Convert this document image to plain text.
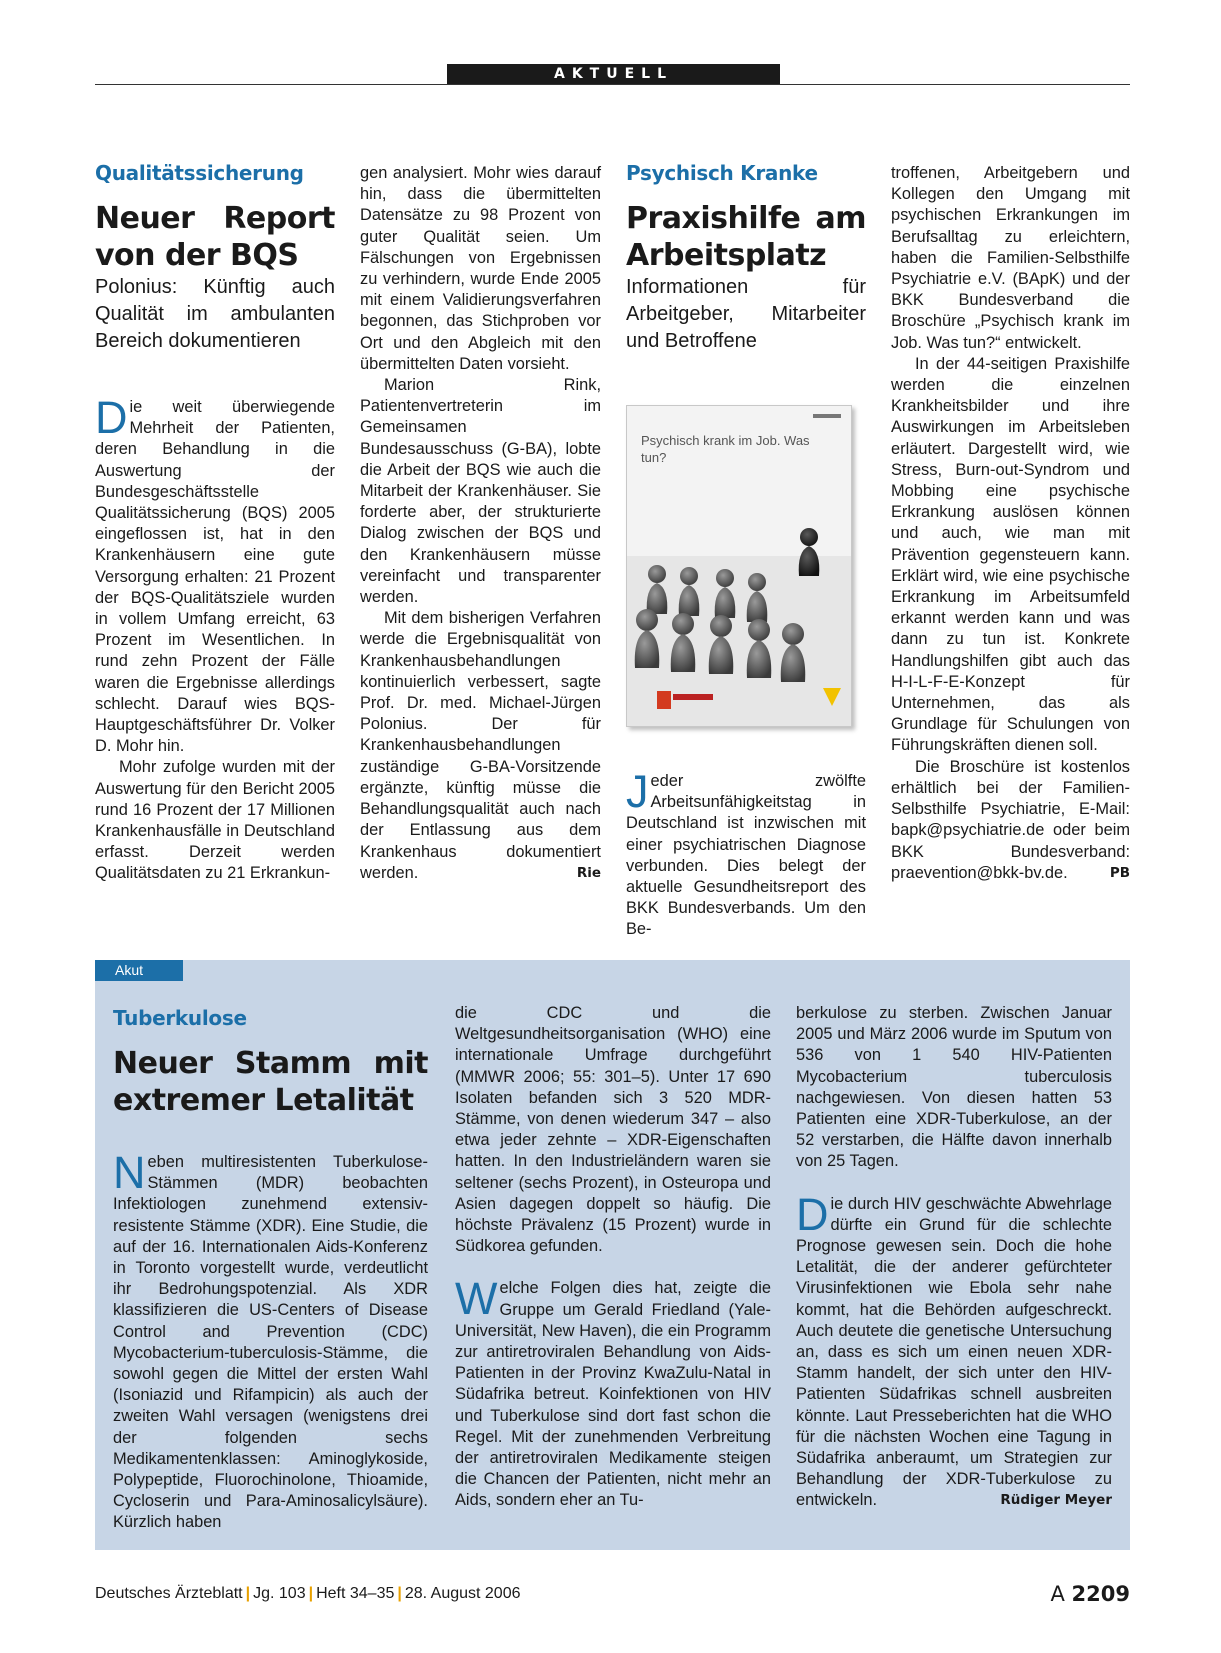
AKTUELL
Qualitätssicherung
Neuer Report von der BQS

Polonius: Künftig auch Qualität im ambulanten Bereich dokumentieren

Die weit überwiegende Mehrheit der Patienten, deren Behandlung in die Auswertung der Bundesgeschäftsstelle Qualitätssicherung (BQS) 2005 eingeflossen ist, hat in den Krankenhäusern eine gute Versorgung erhalten: 21 Prozent der BQS-Qualitätsziele wurden in vollem Umfang erreicht, 63 Prozent im Wesentlichen. In rund zehn Prozent der Fälle waren die Ergebnisse allerdings schlecht. Darauf wies BQS-Hauptgeschäftsführer Dr. Volker D. Mohr hin.

Mohr zufolge wurden mit der Auswertung für den Bericht 2005 rund 16 Prozent der 17 Millionen Krankenhausfälle in Deutschland erfasst. Derzeit werden Qualitätsdaten zu 21 Erkrankun-

gen analysiert. Mohr wies darauf hin, dass die übermittelten Datensätze zu 98 Prozent von guter Qualität seien. Um Fälschungen von Ergebnissen zu verhindern, wurde Ende 2005 mit einem Validierungsverfahren begonnen, das Stichproben vor Ort und den Abgleich mit den übermittelten Daten vorsieht.

Marion Rink, Patientenvertreterin im Gemeinsamen Bundesausschuss (G-BA), lobte die Arbeit der BQS wie auch die Mitarbeit der Krankenhäuser. Sie forderte aber, der strukturierte Dialog zwischen der BQS und den Krankenhäusern müsse vereinfacht und transparenter werden.

Mit dem bisherigen Verfahren werde die Ergebnisqualität von Krankenhausbehandlungen kontinuierlich verbessert, sagte Prof. Dr. med. Michael-Jürgen Polonius. Der für Krankenhausbehandlungen zuständige G-BA-Vorsitzende ergänzte, künftig müsse die Behandlungsqualität auch nach der Entlassung aus dem Krankenhaus dokumentiert werden.	Rie

Psychisch Kranke
Praxishilfe am Arbeitsplatz

Informationen für Arbeitgeber, Mitarbeiter und Betroffene

Psychisch krank im Job. Was tun?

Jeder zwölfte Arbeitsunfähigkeitstag in Deutschland ist inzwischen mit einer psychiatrischen Diagnose verbunden. Dies belegt der aktuelle Gesundheitsreport des BKK Bundesverbands. Um den Be-

troffenen, Arbeitgebern und Kollegen den Umgang mit psychischen Erkrankungen im Berufsalltag zu erleichtern, haben die Familien-Selbsthilfe Psychiatrie e.V. (BApK) und der BKK Bundesverband die Broschüre „Psychisch krank im Job. Was tun?“ entwickelt.

In der 44-seitigen Praxishilfe werden die einzelnen Krankheitsbilder und ihre Auswirkungen im Arbeitsleben erläutert. Dargestellt wird, wie Stress, Burn-out-Syndrom und Mobbing eine psychische Erkrankung auslösen können und auch, wie man mit Prävention gegensteuern kann. Erklärt wird, wie eine psychische Erkrankung im Arbeitsumfeld erkannt werden kann und was dann zu tun ist. Konkrete Handlungshilfen gibt auch das H-I-L-F-E-Konzept für Unternehmen, das als Grundlage für Schulungen von Führungskräften dienen soll.

Die Broschüre ist kostenlos erhältlich bei der Familien-Selbsthilfe Psychiatrie, E-Mail: bapk@psychiatrie.de oder beim BKK Bundesverband: praevention@bkk-bv.de.	PB

Akut
Tuberkulose
Neuer Stamm mit extremer Letalität

Neben multiresistenten Tuberkulose-Stämmen (MDR) beobachten Infektiologen zunehmend extensiv-resistente Stämme (XDR). Eine Studie, die auf der 16. Internationalen Aids-Konferenz in Toronto vorgestellt wurde, verdeutlicht ihr Bedrohungspotenzial. Als XDR klassifizieren die US-Centers of Disease Control and Prevention (CDC) Mycobacterium-tuberculosis-Stämme, die sowohl gegen die Mittel der ersten Wahl (Isoniazid und Rifampicin) als auch der zweiten Wahl versagen (wenigstens drei der folgenden sechs Medikamentenklassen: Aminoglykoside, Polypeptide, Fluorochinolone, Thioamide, Cycloserin und Para-Aminosalicylsäure). Kürzlich haben

die CDC und die Weltgesundheitsorganisation (WHO) eine internationale Umfrage durchgeführt (MMWR 2006; 55: 301–5). Unter 17 690 Isolaten befanden sich 3 520 MDR-Stämme, von denen wiederum 347 – also etwa jeder zehnte – XDR-Eigenschaften hatten. In den Industrieländern waren sie seltener (sechs Prozent), in Osteuropa und Asien dagegen doppelt so häufig. Die höchste Prävalenz (15 Prozent) wurde in Südkorea gefunden.

Welche Folgen dies hat, zeigte die Gruppe um Gerald Friedland (Yale-Universität, New Haven), die ein Programm zur antiretroviralen Behandlung von Aids-Patienten in der Provinz KwaZulu-Natal in Südafrika betreut. Koinfektionen von HIV und Tuberkulose sind dort fast schon die Regel. Mit der zunehmenden Verbreitung der antiretroviralen Medikamente steigen die Chancen der Patienten, nicht mehr an Aids, sondern eher an Tu-

berkulose zu sterben. Zwischen Januar 2005 und März 2006 wurde im Sputum von 536 von 1 540 HIV-Patienten Mycobacterium tuberculosis nachgewiesen. Von diesen hatten 53 Patienten eine XDR-Tuberkulose, an der 52 verstarben, die Hälfte davon innerhalb von 25 Tagen.

Die durch HIV geschwächte Abwehrlage dürfte ein Grund für die schlechte Prognose gewesen sein. Doch die hohe Letalität, die der anderer gefürchteter Virusinfektionen wie Ebola sehr nahe kommt, hat die Behörden aufgeschreckt. Auch deutete die genetische Untersuchung an, dass es sich um einen neuen XDR-Stamm handelt, der sich unter den HIV-Patienten Südafrikas schnell ausbreiten könnte. Laut Presseberichten hat die WHO für die nächsten Wochen eine Tagung in Südafrika anberaumt, um Strategien zur Behandlung der XDR-Tuberkulose zu entwickeln.	Rüdiger Meyer

Deutsches Ärzteblatt | Jg. 103 | Heft 34–35 | 28. August 2006	A 2209
